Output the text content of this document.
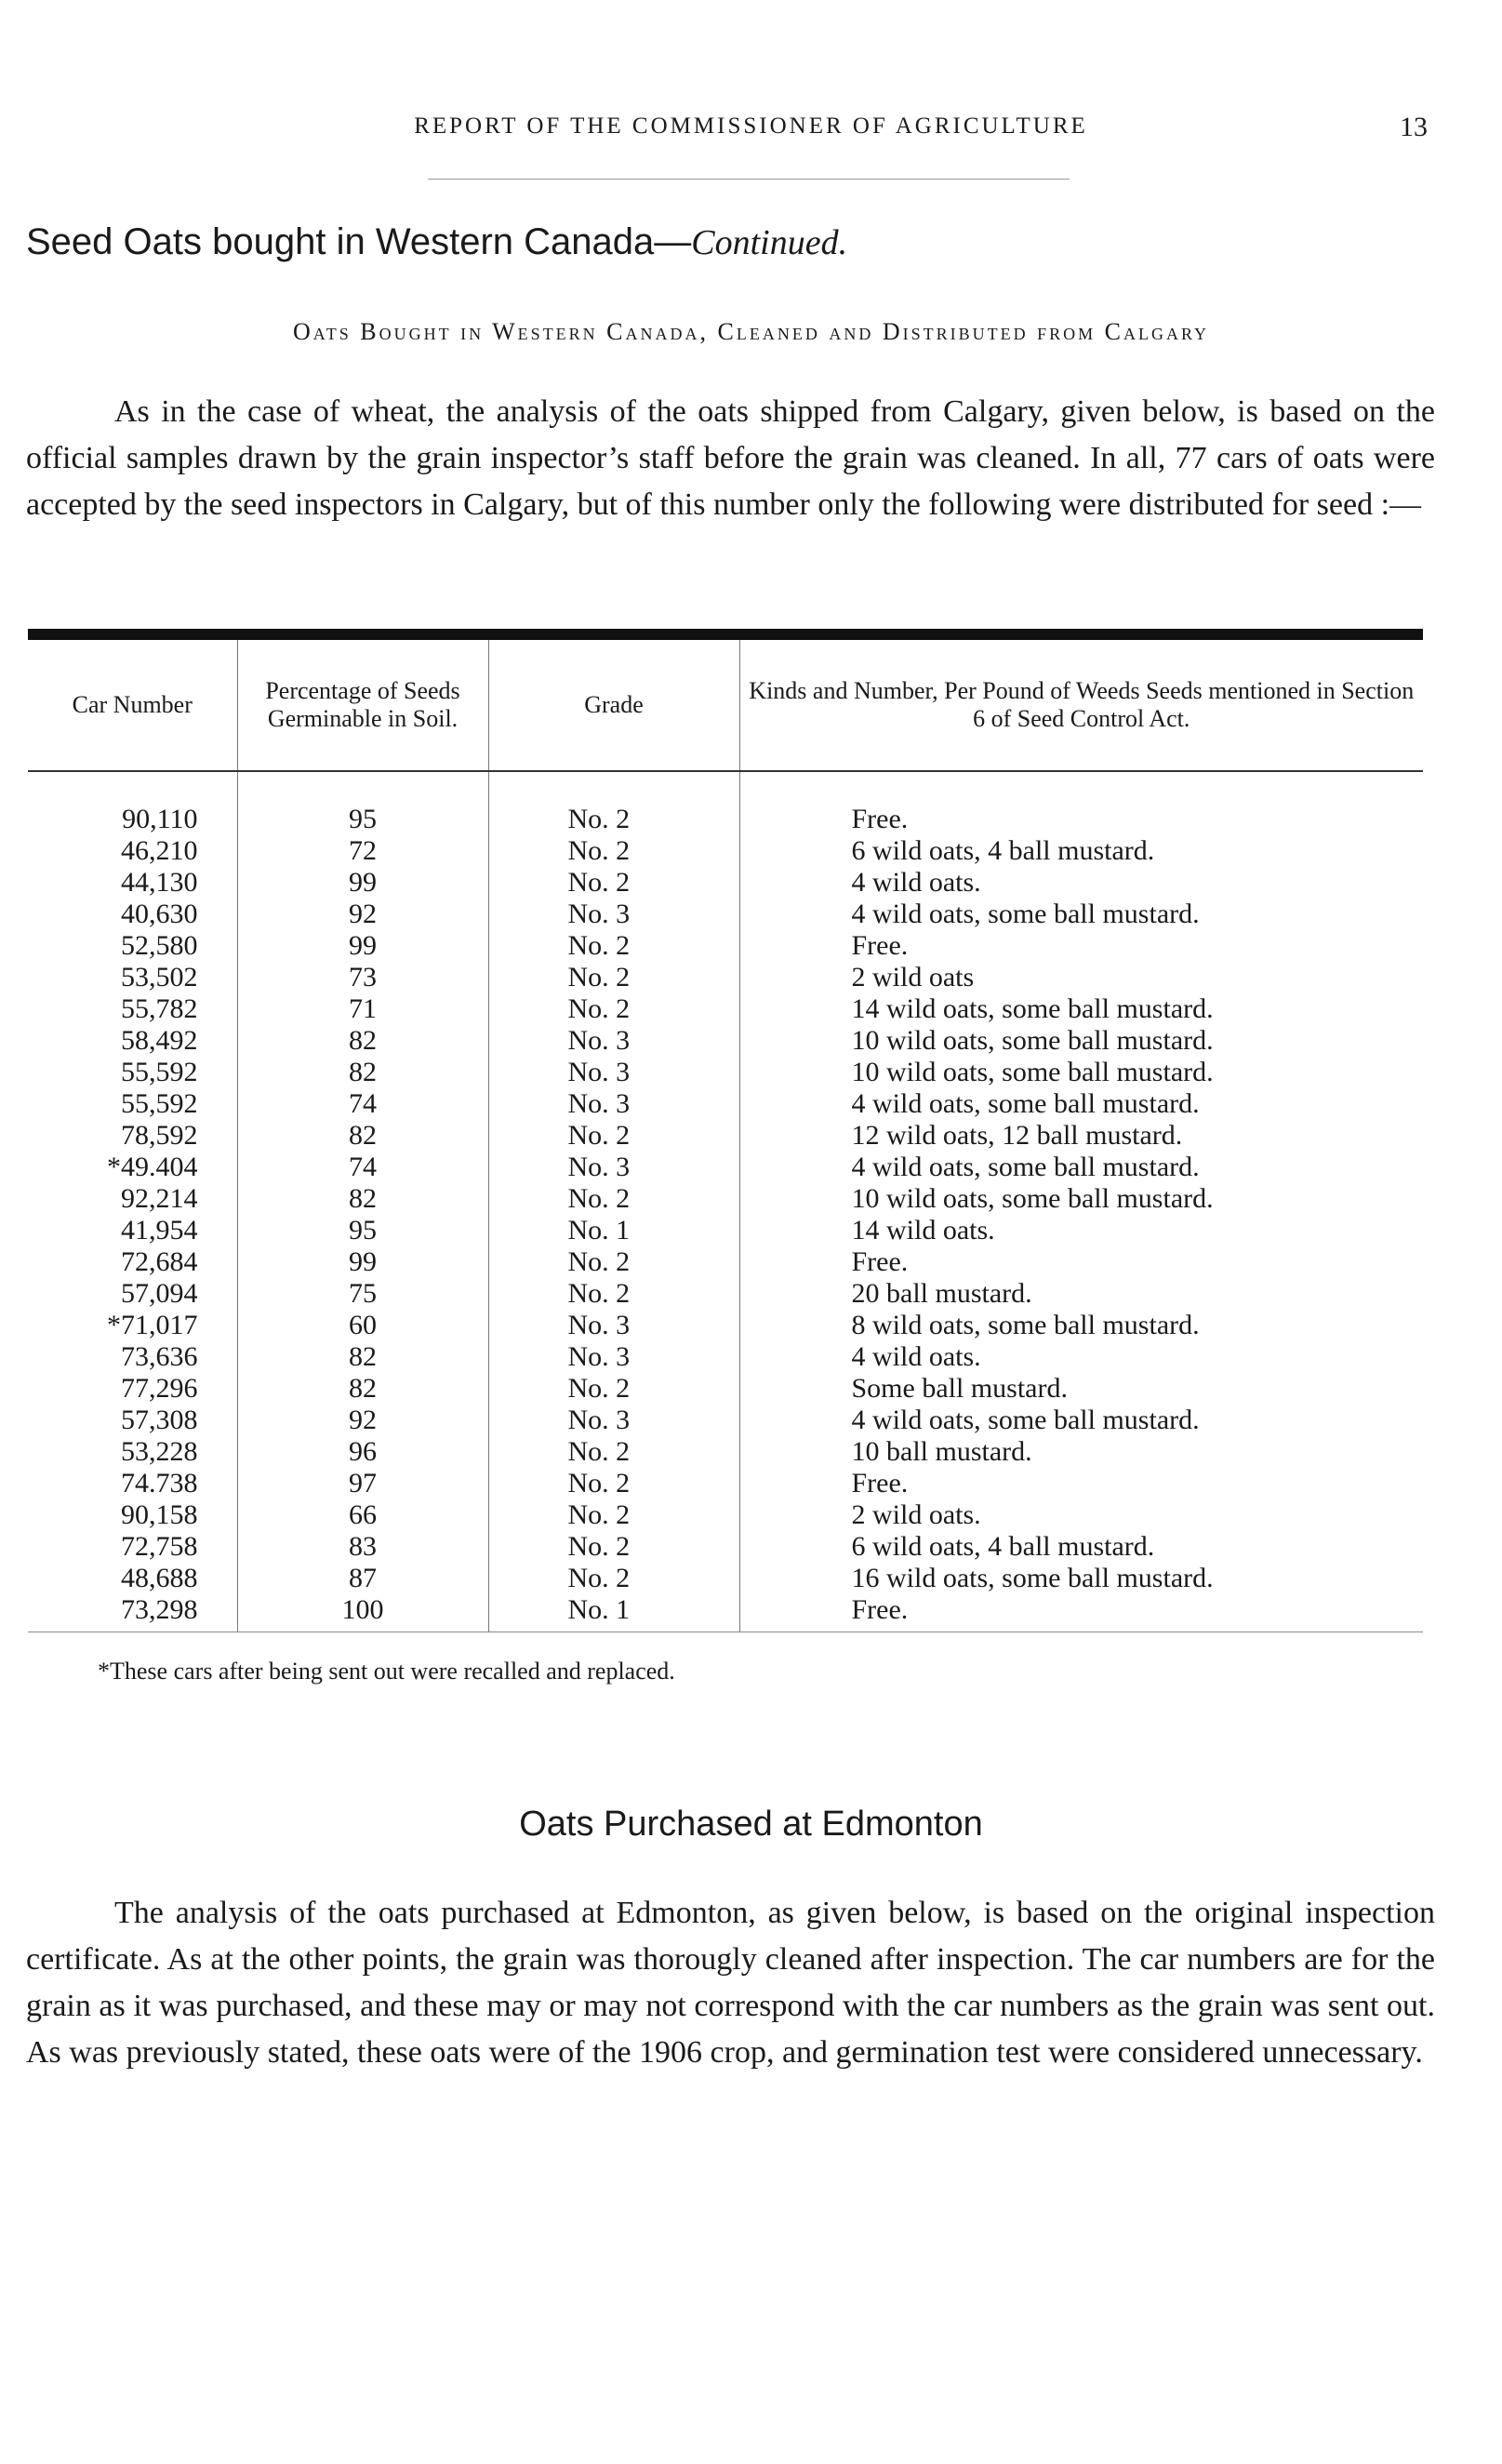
REPORT OF THE COMMISSIONER OF AGRICULTURE	13
Seed Oats bought in Western Canada—Continued.
Oats Bought in Western Canada, Cleaned and Distributed from Calgary

As in the case of wheat, the analysis of the oats shipped from Calgary, given below, is based on the official samples drawn by the grain inspector’s staff before the grain was cleaned. In all, 77 cars of oats were accepted by the seed inspectors in Calgary, but of this number only the following were distributed for seed :—

Car Number	Percentage of Seeds Germinable in Soil.	Grade	Kinds and Number, Per Pound of Weeds Seeds mentioned in Section 6 of Seed Control Act.
90,110	95	No. 2	Free.
46,210	72	No. 2	6 wild oats, 4 ball mustard.
44,130	99	No. 2	4 wild oats.
40,630	92	No. 3	4 wild oats, some ball mustard.
52,580	99	No. 2	Free.
53,502	73	No. 2	2 wild oats
55,782	71	No. 2	14 wild oats, some ball mustard.
58,492	82	No. 3	10 wild oats, some ball mustard.
55,592	82	No. 3	10 wild oats, some ball mustard.
55,592	74	No. 3	4 wild oats, some ball mustard.
78,592	82	No. 2	12 wild oats, 12 ball mustard.
*49.404	74	No. 3	4 wild oats, some ball mustard.
92,214	82	No. 2	10 wild oats, some ball mustard.
41,954	95	No. 1	14 wild oats.
72,684	99	No. 2	Free.
57,094	75	No. 2	20 ball mustard.
*71,017	60	No. 3	8 wild oats, some ball mustard.
73,636	82	No. 3	4 wild oats.
77,296	82	No. 2	Some ball mustard.
57,308	92	No. 3	4 wild oats, some ball mustard.
53,228	96	No. 2	10 ball mustard.
74.738	97	No. 2	Free.
90,158	66	No. 2	2 wild oats.
72,758	83	No. 2	6 wild oats, 4 ball mustard.
48,688	87	No. 2	16 wild oats, some ball mustard.
73,298	100	No. 1	Free.
*These cars after being sent out were recalled and replaced.
Oats Purchased at Edmonton

The analysis of the oats purchased at Edmonton, as given below, is based on the original inspection certificate. As at the other points, the grain was thorougly cleaned after inspection. The car numbers are for the grain as it was purchased, and these may or may not correspond with the car numbers as the grain was sent out. As was previously stated, these oats were of the 1906 crop, and germination test were considered unnecessary.
